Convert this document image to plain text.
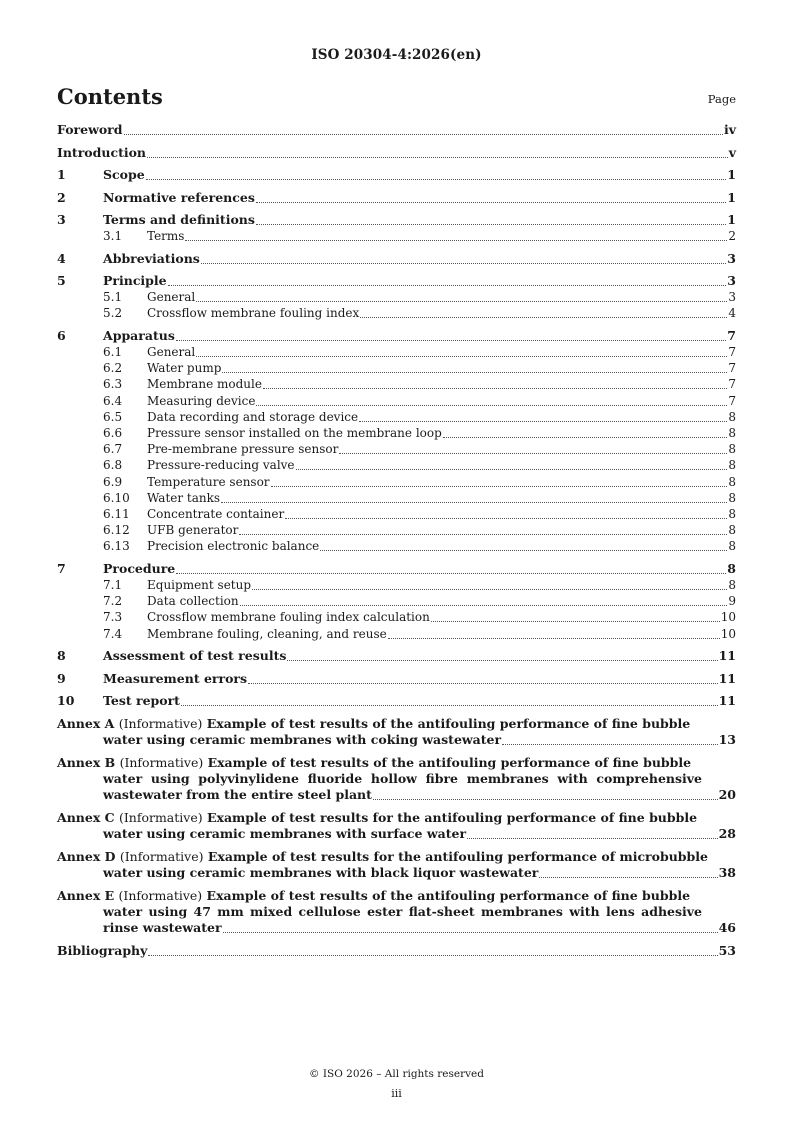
ISO 20304-4:2026(en)
Contents	Page
Foreword	iv
Introduction	v
1	Scope	1
2	Normative references	1
3	Terms and definitions	1
3.1 Terms	2
4	Abbreviations	3
5	Principle	3
5.1 General	3
5.2 Crossflow membrane fouling index	4
6	Apparatus	7
6.1 General	7
6.2 Water pump	7
6.3 Membrane module	7
6.4 Measuring device	7
6.5 Data recording and storage device	8
6.6 Pressure sensor installed on the membrane loop	8
6.7 Pre-membrane pressure sensor	8
6.8 Pressure-reducing valve	8
6.9 Temperature sensor	8
6.10 Water tanks	8
6.11 Concentrate container	8
6.12 UFB generator	8
6.13 Precision electronic balance	8
7	Procedure	8
7.1 Equipment setup	8
7.2 Data collection	9
7.3 Crossflow membrane fouling index calculation	10
7.4 Membrane fouling, cleaning, and reuse	10
8	Assessment of test results	11
9	Measurement errors	11
10 Test report	11
Annex A (Informative) Example of test results of the antifouling performance of fine bubble
water using ceramic membranes with coking wastewater	13
Annex B (Informative) Example of test results of the antifouling performance of fine bubble
water using polyvinylidene fluoride hollow fibre membranes with comprehensive
wastewater from the entire steel plant	20
Annex C (Informative) Example of test results for the antifouling performance of fine bubble
water using ceramic membranes with surface water	28
Annex D (Informative) Example of test results for the antifouling performance of microbubble
water using ceramic membranes with black liquor wastewater	38
Annex E (Informative) Example of test results of the antifouling performance of fine bubble
water using 47 mm mixed cellulose ester flat-sheet membranes with lens adhesive
rinse wastewater	46
Bibliography	53
© ISO 2026 – All rights reserved
iii
